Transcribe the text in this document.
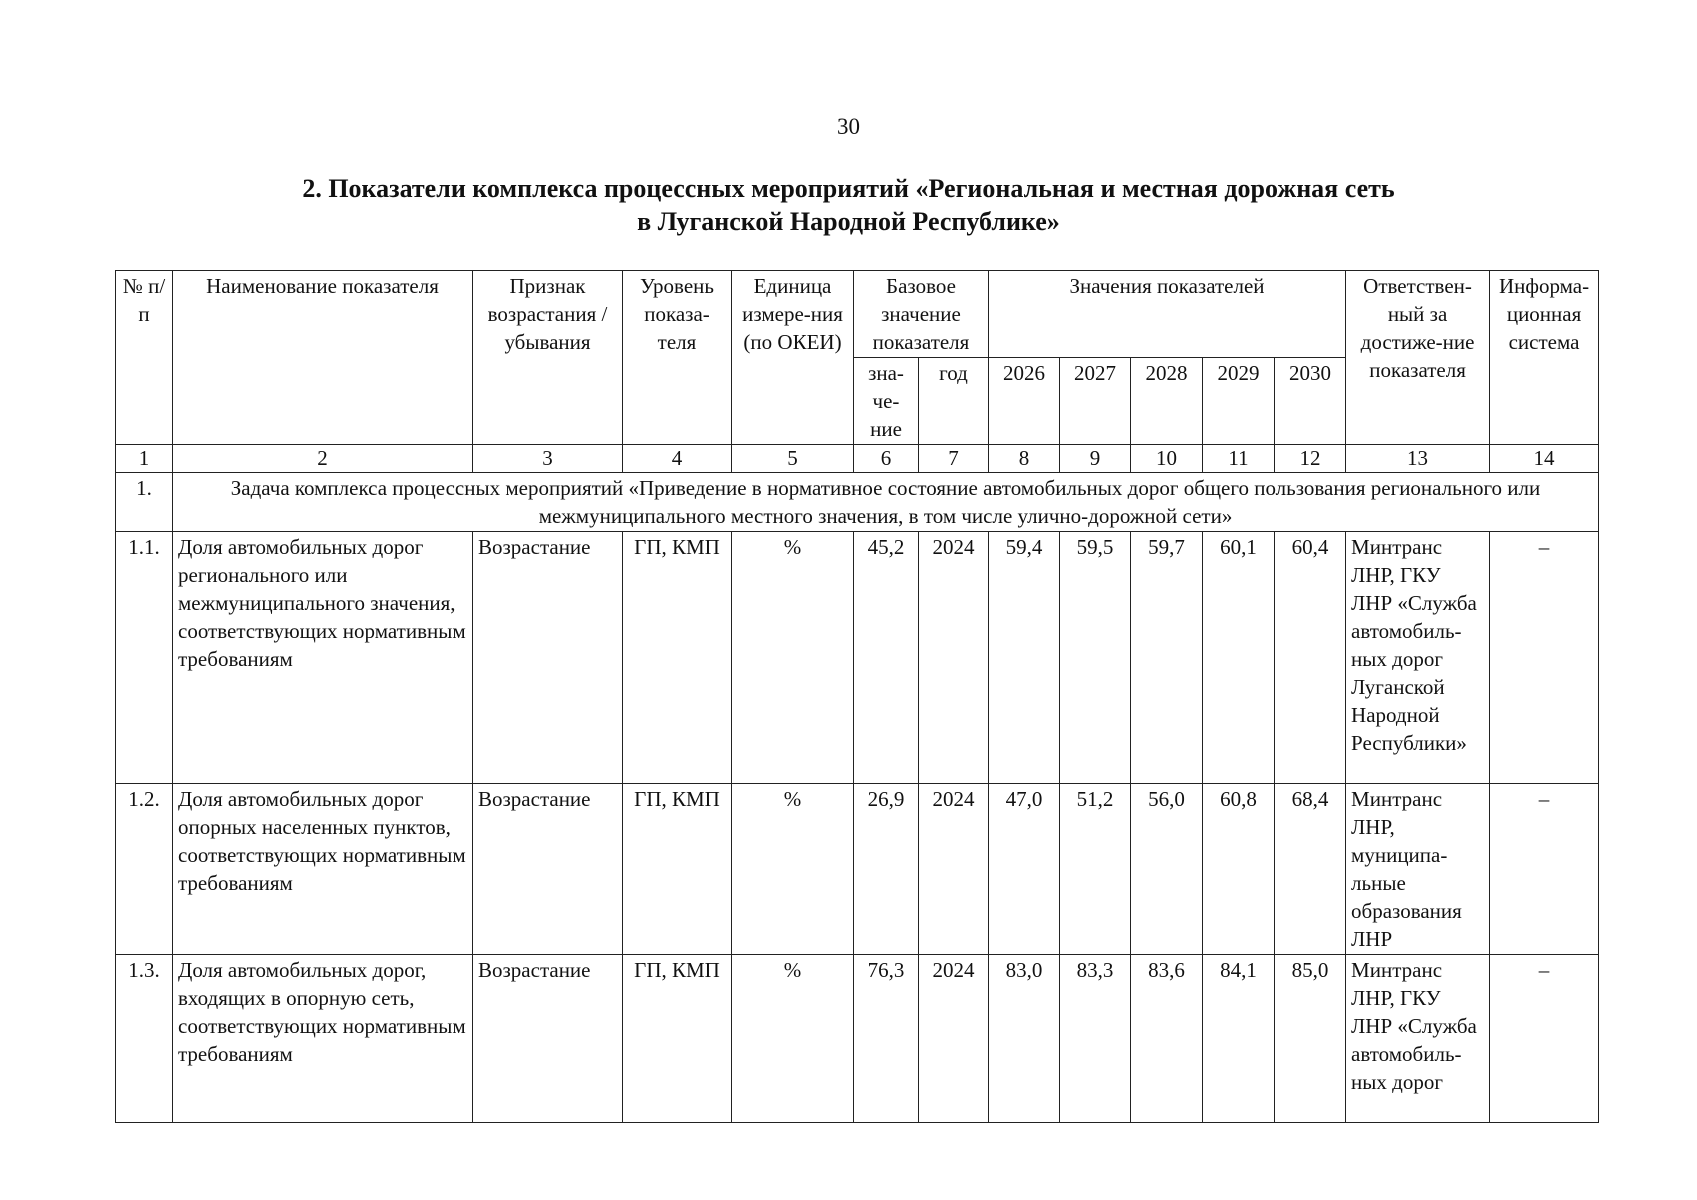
30
2. Показатели комплекса процессных мероприятий «Региональная и местная дорожная сеть
в Луганской Народной Республике»
№ п/п	Наименование показателя	Признак возрастания / убывания	Уровень показа-теля	Единица измере-ния (по ОКЕИ)	Базовое значение показателя		Значения показателей					Ответствен-ный за достиже-ние показателя	Информа-ционная система
					зна-че-ние	год	2026	2027	2028	2029	2030		
1	2	3	4	5	6	7	8	9	10	11	12	13	14
1.	Задача комплекса процессных мероприятий «Приведение в нормативное состояние автомобильных дорог общего пользования регионального или межмуниципального местного значения, в том числе улично-дорожной сети»												
1.1.	Доля автомобильных дорог регионального или межмуниципального значения, соответствующих нормативным требованиям	Возрастание	ГП, КМП	%	45,2	2024	59,4	59,5	59,7	60,1	60,4	Минтранс ЛНР, ГКУ ЛНР «Служба автомобиль-ных дорог Луганской Народной Республики»	–
1.2.	Доля автомобильных дорог опорных населенных пунктов, соответствующих нормативным требованиям	Возрастание	ГП, КМП	%	26,9	2024	47,0	51,2	56,0	60,8	68,4	Минтранс ЛНР, муниципа-льные образования ЛНР	–
1.3.	Доля автомобильных дорог, входящих в опорную сеть, соответствующих нормативным требованиям	Возрастание	ГП, КМП	%	76,3	2024	83,0	83,3	83,6	84,1	85,0	Минтранс ЛНР, ГКУ ЛНР «Служба автомобиль-ных дорог	–
